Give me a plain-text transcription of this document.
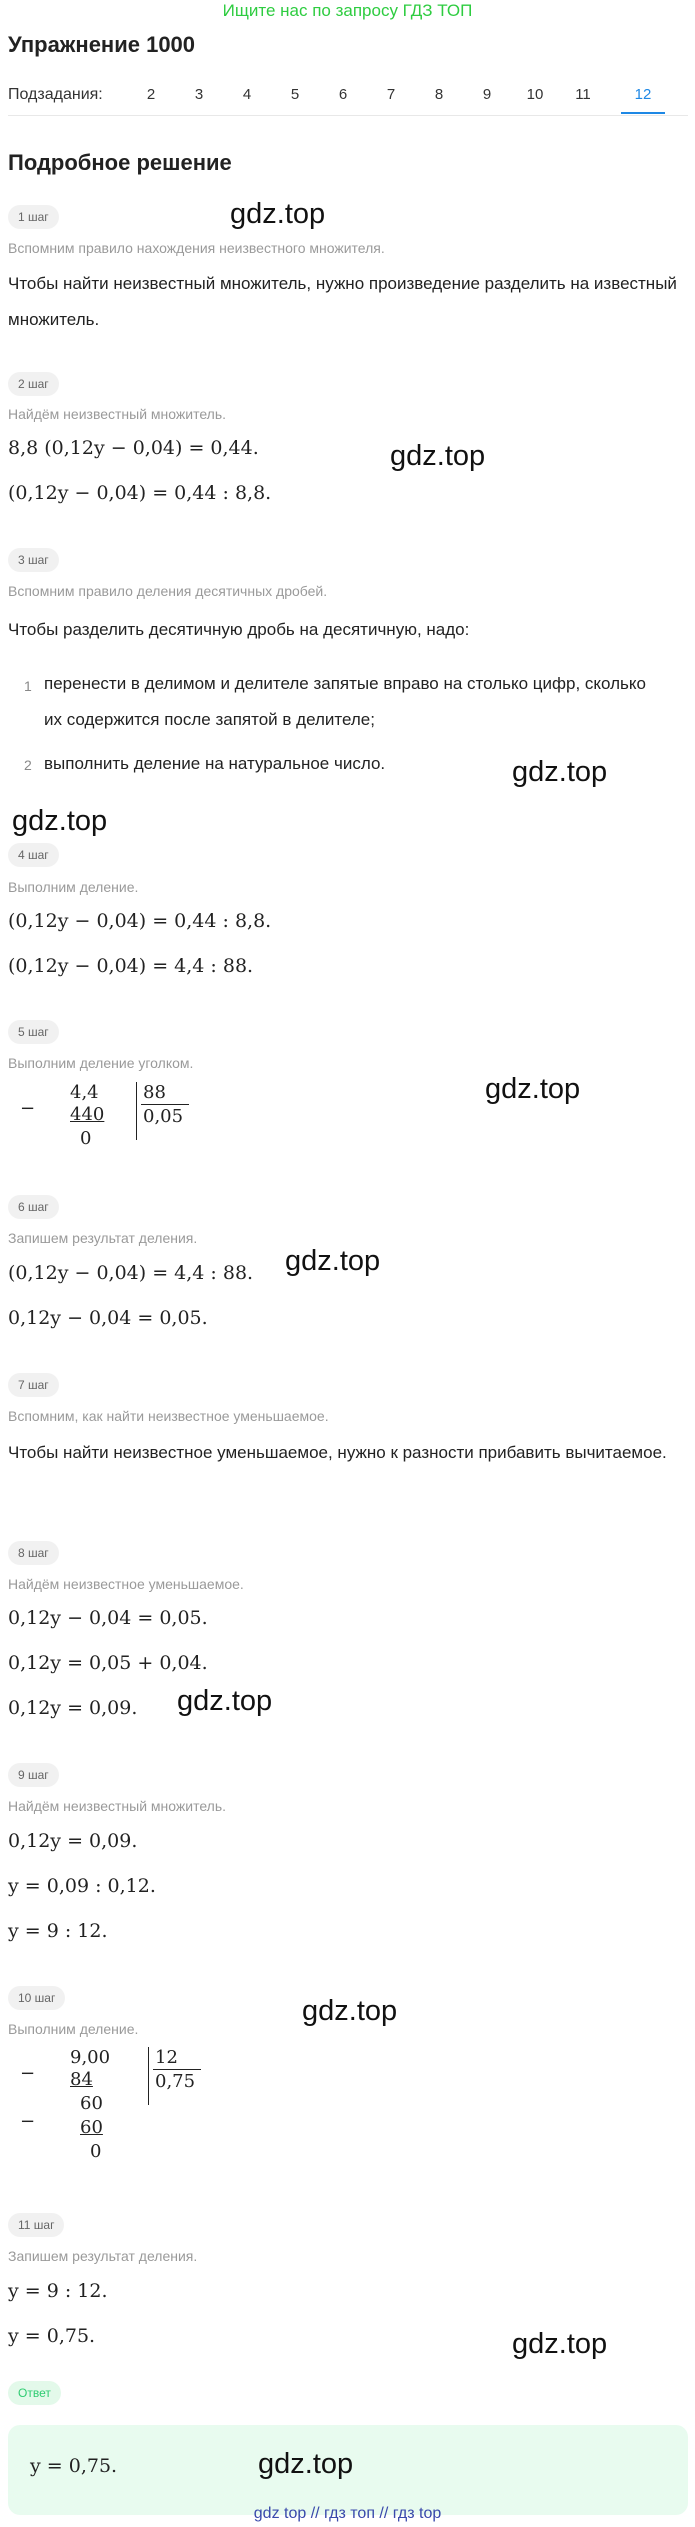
Ищите нас по запросу ГДЗ ТОП
Упражнение 1000
Подзадания:	2	3	4	5	6	7	8	9	10	11	12
Подробное решение
1 шаг
Вспомним правило нахождения неизвестного множителя.
Чтобы найти неизвестный множитель, нужно произведение разделить на известный множитель.
gdz.top
2 шаг
Найдём неизвестный множитель.
8,8 (0,12y − 0,04) = 0,44.
(0,12y − 0,04) = 0,44 : 8,8.
gdz.top
3 шаг
Вспомним правило деления десятичных дробей.
Чтобы разделить десятичную дробь на десятичную, надо:
1 перенести в делимом и делителе запятые вправо на столько цифр, сколько их содержится после запятой в делителе;
2 выполнить деление на натуральное число.	gdz.top
gdz.top
4 шаг
Выполним деление.
(0,12y − 0,04) = 0,44 : 8,8.
(0,12y − 0,04) = 4,4 : 88.
5 шаг
Выполним деление уголком.
−
4,4
440
0
88
0,05
gdz.top
6 шаг
Запишем результат деления.
(0,12y − 0,04) = 4,4 : 88.
0,12y − 0,04 = 0,05.
gdz.top
7 шаг
Вспомним, как найти неизвестное уменьшаемое.
Чтобы найти неизвестное уменьшаемое, нужно к разности прибавить вычитаемое.
8 шаг
Найдём неизвестное уменьшаемое.
0,12y − 0,04 = 0,05.
0,12y = 0,05 + 0,04.
0,12y = 0,09. gdz.top
9 шаг
Найдём неизвестный множитель.
0,12y = 0,09.
y = 0,09 : 0,12.
y = 9 : 12.
10 шаг
Выполним деление.
−
9,00
84
−
60
60
0
12
0,75
gdz.top
11 шаг
Запишем результат деления.
y = 9 : 12.
y = 0,75.	gdz.top
Ответ
y = 0,75.	gdz.top
gdz top // гдз топ // гдз top
